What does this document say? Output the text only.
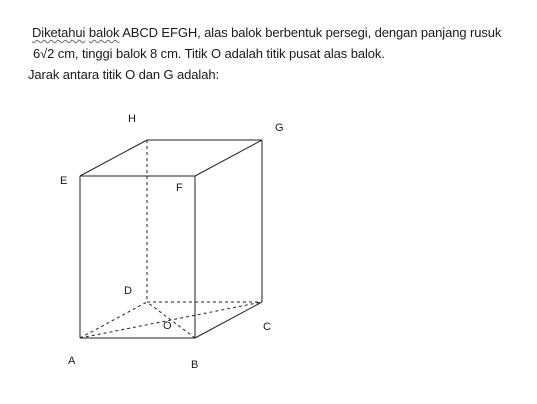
Diketahui balok ABCD EFGH, alas balok berbentuk persegi, dengan panjang rusuk
6√2 cm, tinggi balok 8 cm. Titik O adalah titik pusat alas balok.
Jarak antara titik O dan G adalah:
H
G
E
F
D
O	C
A	B
